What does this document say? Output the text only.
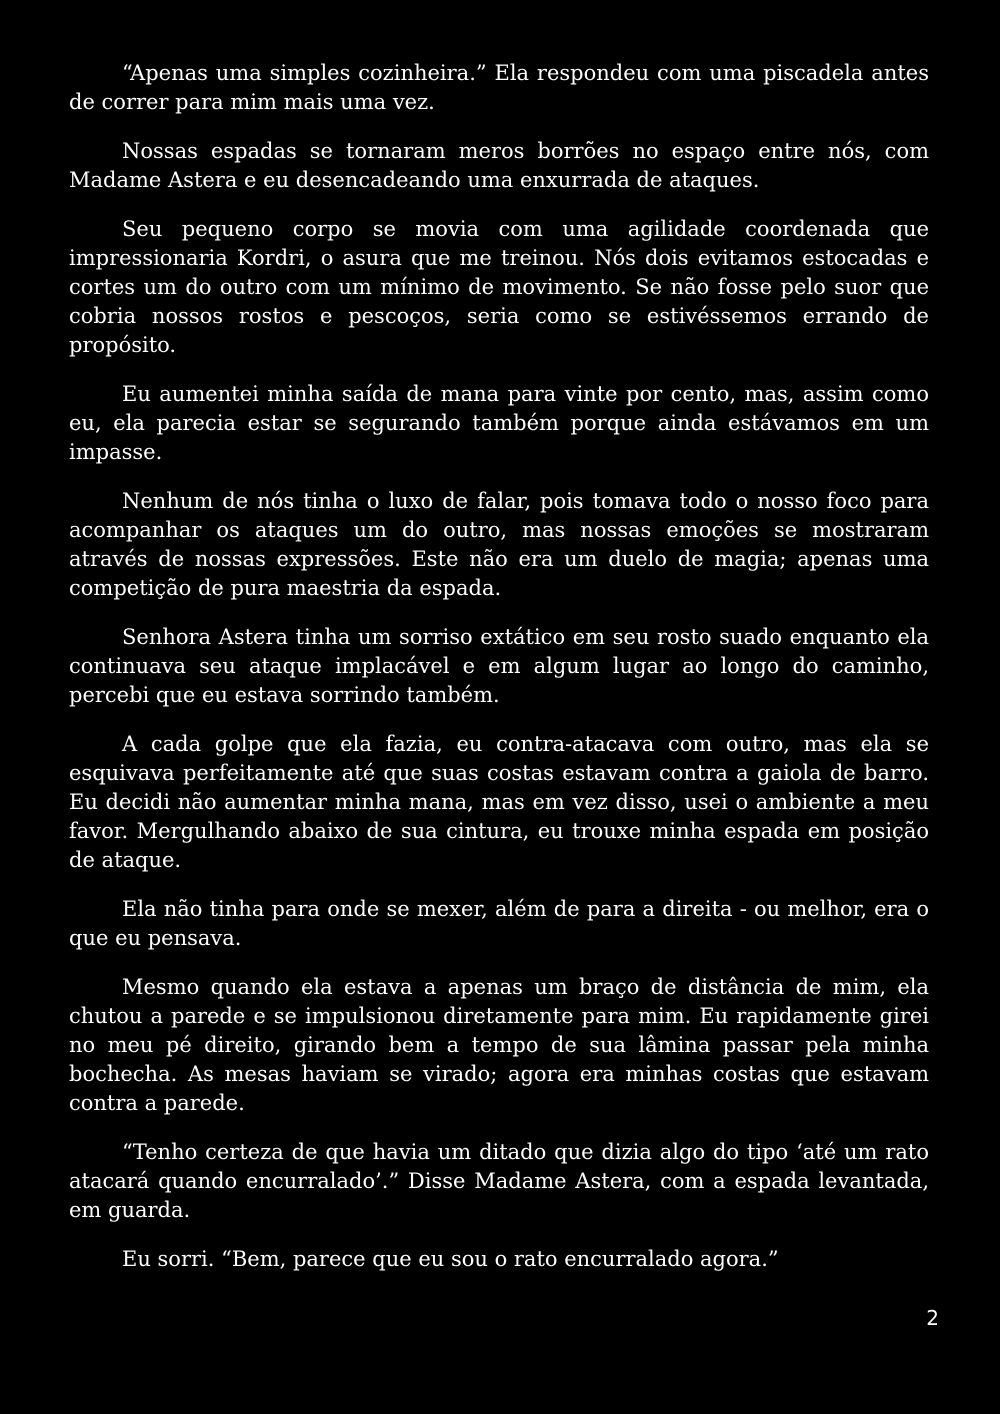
“Apenas uma simples cozinheira.” Ela respondeu com uma piscadela antes de correr para mim mais uma vez.

Nossas espadas se tornaram meros borrões no espaço entre nós, com Madame Astera e eu desencadeando uma enxurrada de ataques.

Seu pequeno corpo se movia com uma agilidade coordenada que impressionaria Kordri, o asura que me treinou. Nós dois evitamos estocadas e cortes um do outro com um mínimo de movimento. Se não fosse pelo suor que cobria nossos rostos e pescoços, seria como se estivéssemos errando de propósito.

Eu aumentei minha saída de mana para vinte por cento, mas, assim como eu, ela parecia estar se segurando também porque ainda estávamos em um impasse.

Nenhum de nós tinha o luxo de falar, pois tomava todo o nosso foco para acompanhar os ataques um do outro, mas nossas emoções se mostraram através de nossas expressões. Este não era um duelo de magia; apenas uma competição de pura maestria da espada.

Senhora Astera tinha um sorriso extático em seu rosto suado enquanto ela continuava seu ataque implacável e em algum lugar ao longo do caminho, percebi que eu estava sorrindo também.

A cada golpe que ela fazia, eu contra-atacava com outro, mas ela se esquivava perfeitamente até que suas costas estavam contra a gaiola de barro. Eu decidi não aumentar minha mana, mas em vez disso, usei o ambiente a meu favor. Mergulhando abaixo de sua cintura, eu trouxe minha espada em posição de ataque.

Ela não tinha para onde se mexer, além de para a direita - ou melhor, era o que eu pensava.

Mesmo quando ela estava a apenas um braço de distância de mim, ela chutou a parede e se impulsionou diretamente para mim. Eu rapidamente girei no meu pé direito, girando bem a tempo de sua lâmina passar pela minha bochecha. As mesas haviam se virado; agora era minhas costas que estavam contra a parede.

“Tenho certeza de que havia um ditado que dizia algo do tipo ‘até um rato atacará quando encurralado’.” Disse Madame Astera, com a espada levantada, em guarda.

Eu sorri. “Bem, parece que eu sou o rato encurralado agora.”

2
